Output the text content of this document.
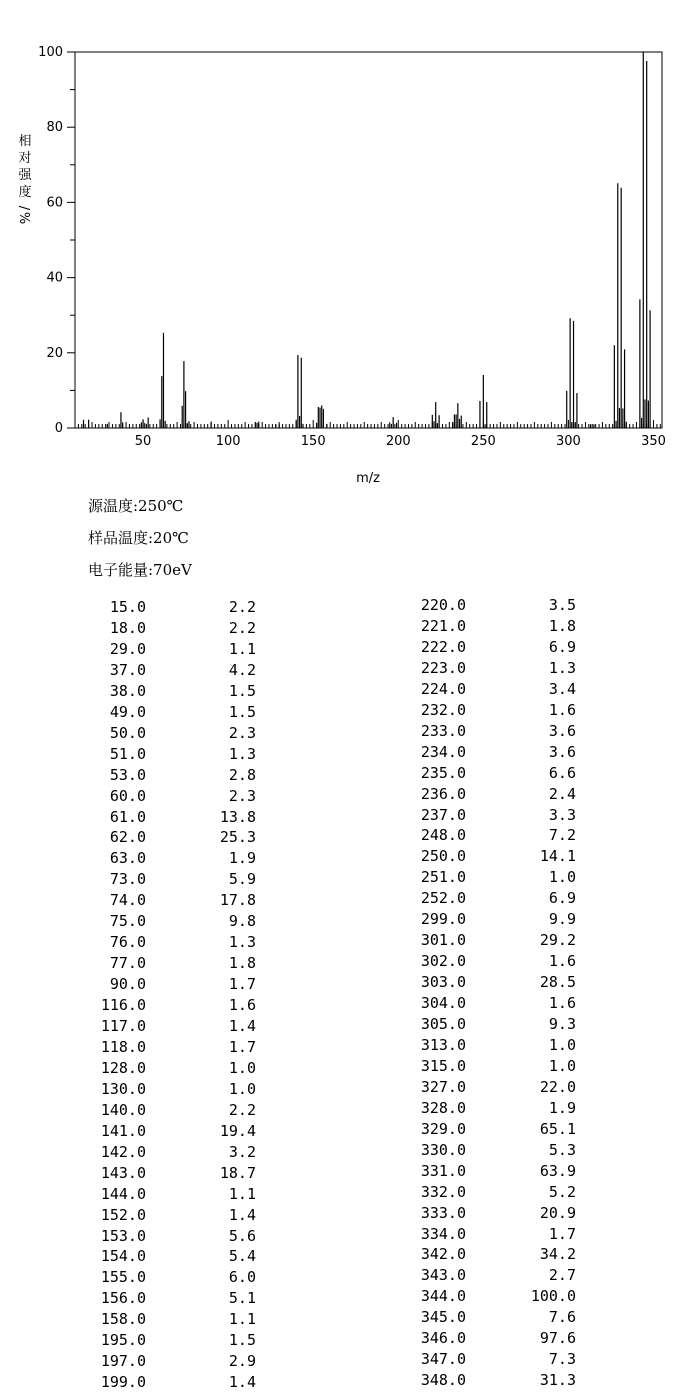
50	100	150	200	250	300	350
0
20
40
60
80
100
m/z
相
对
强
度
/
%
源温度:250℃
样品温度:20℃
电子能量:70eV
15.0	2.2
18.0	2.2
29.0	1.1
37.0	4.2
38.0	1.5
49.0	1.5
50.0	2.3
51.0	1.3
53.0	2.8
60.0	2.3
61.0	13.8
62.0	25.3
63.0	1.9
73.0	5.9
74.0	17.8
75.0	9.8
76.0	1.3
77.0	1.8
90.0	1.7
116.0	1.6
117.0	1.4
118.0	1.7
128.0	1.0
130.0	1.0
140.0	2.2
141.0	19.4
142.0	3.2
143.0	18.7
144.0	1.1
152.0	1.4
153.0	5.6
154.0	5.4
155.0	6.0
156.0	5.1
158.0	1.1
195.0	1.5
197.0	2.9
199.0	1.4
220.0	3.5
221.0	1.8
222.0	6.9
223.0	1.3
224.0	3.4
232.0	1.6
233.0	3.6
234.0	3.6
235.0	6.6
236.0	2.4
237.0	3.3
248.0	7.2
250.0	14.1
251.0	1.0
252.0	6.9
299.0	9.9
301.0	29.2
302.0	1.6
303.0	28.5
304.0	1.6
305.0	9.3
313.0	1.0
315.0	1.0
327.0	22.0
328.0	1.9
329.0	65.1
330.0	5.3
331.0	63.9
332.0	5.2
333.0	20.9
334.0	1.7
342.0	34.2
343.0	2.7
344.0	100.0
345.0	7.6
346.0	97.6
347.0	7.3
348.0	31.3
